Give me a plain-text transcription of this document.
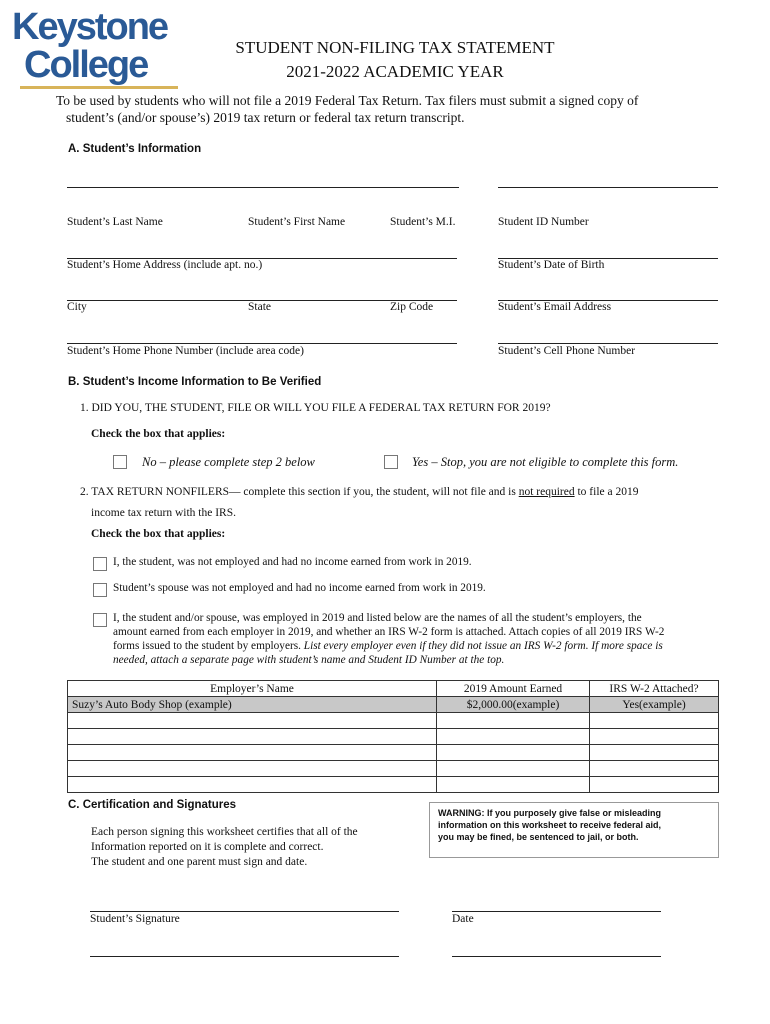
Keystone
College	STUDENT NON-FILING TAX STATEMENT
2021-2022 ACADEMIC YEAR
To be used by students who will not file a 2019 Federal Tax Return. Tax filers must submit a signed copy of
student’s (and/or spouse’s) 2019 tax return or federal tax return transcript.
A. Student’s Information
Student’s Last Name	Student’s First Name	Student’s M.I.	Student ID Number
Student’s Home Address (include apt. no.)	Student’s Date of Birth
City	State	Zip Code	Student’s Email Address
Student’s Home Phone Number (include area code)	Student’s Cell Phone Number
B. Student’s Income Information to Be Verified
1. DID YOU, THE STUDENT, FILE OR WILL YOU FILE A FEDERAL TAX RETURN FOR 2019?
Check the box that applies:
No – please complete step 2 below	Yes – Stop, you are not eligible to complete this form.
2. TAX RETURN NONFILERS— complete this section if you, the student, will not file and is not required to file a 2019
income tax return with the IRS.
Check the box that applies:
I, the student, was not employed and had no income earned from work in 2019.
Student’s spouse was not employed and had no income earned from work in 2019.
I, the student and/or spouse, was employed in 2019 and listed below are the names of all the student’s employers, the
amount earned from each employer in 2019, and whether an IRS W-2 form is attached. Attach copies of all 2019 IRS W-2
forms issued to the student by employers. List every employer even if they did not issue an IRS W-2 form. If more space is
needed, attach a separate page with student’s name and Student ID Number at the top.
Employer’s Name	2019 Amount Earned	IRS W-2 Attached?
Suzy’s Auto Body Shop (example)	$2,000.00(example)	Yes(example)

C. Certification and Signatures
Each person signing this worksheet certifies that all of the
Information reported on it is complete and correct.
The student and one parent must sign and date.
WARNING: If you purposely give false or misleading
information on this worksheet to receive federal aid,
you may be fined, be sentenced to jail, or both.
Student’s Signature	Date
